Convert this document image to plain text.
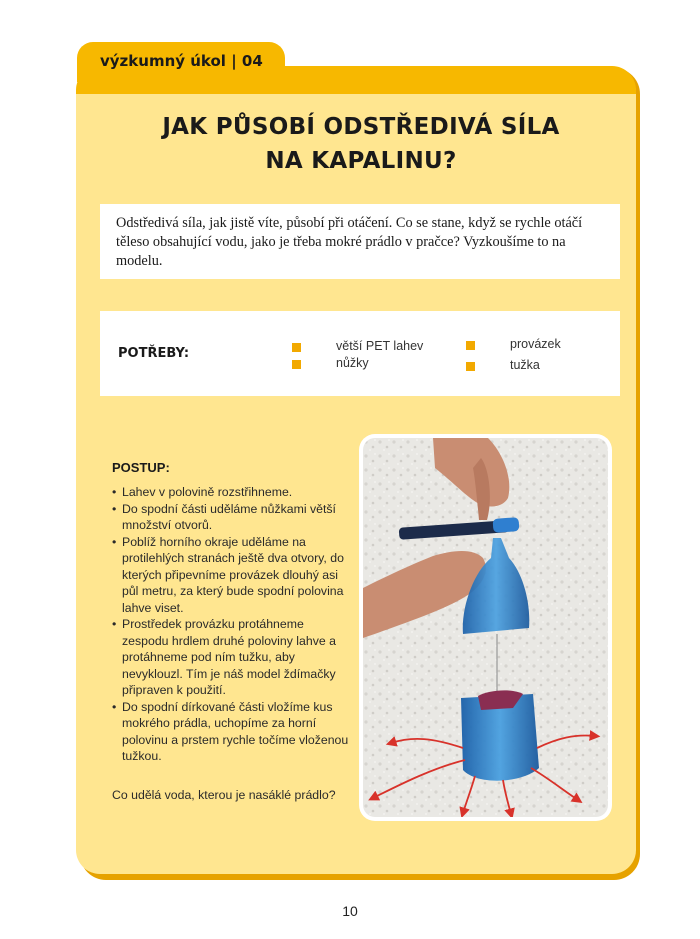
výzkumný úkol | 04
JAK PŮSOBÍ ODSTŘEDIVÁ SÍLA
NA KAPALINU?
Odstředivá síla, jak jistě víte, působí při otáčení. Co se stane, když se rychle otáčí těleso obsahující vodu, jako je třeba mokré prádlo v pračce? Vyzkoušíme to na modelu.
POTŘEBY:	větší PET lahev
nůžky
provázek
tužka
POSTUP:
• Lahev v polovině rozstřihneme.
• Do spodní části uděláme nůžkami větší množství otvorů.
• Poblíž horního okraje uděláme na protilehlých stranách ještě dva otvory, do kterých připevníme provázek dlouhý asi půl metru, za který bude spodní polovina lahve viset.
• Prostředek provázku protáhneme zespodu hrdlem druhé poloviny lahve a protáhneme pod ním tužku, aby nevyklouzl. Tím je náš model ždímačky připraven k použití.
• Do spodní dírkované části vložíme kus mokrého prádla, uchopíme za horní polovinu a prstem rychle točíme vloženou tužkou.
Co udělá voda, kterou je nasáklé prádlo?
10
